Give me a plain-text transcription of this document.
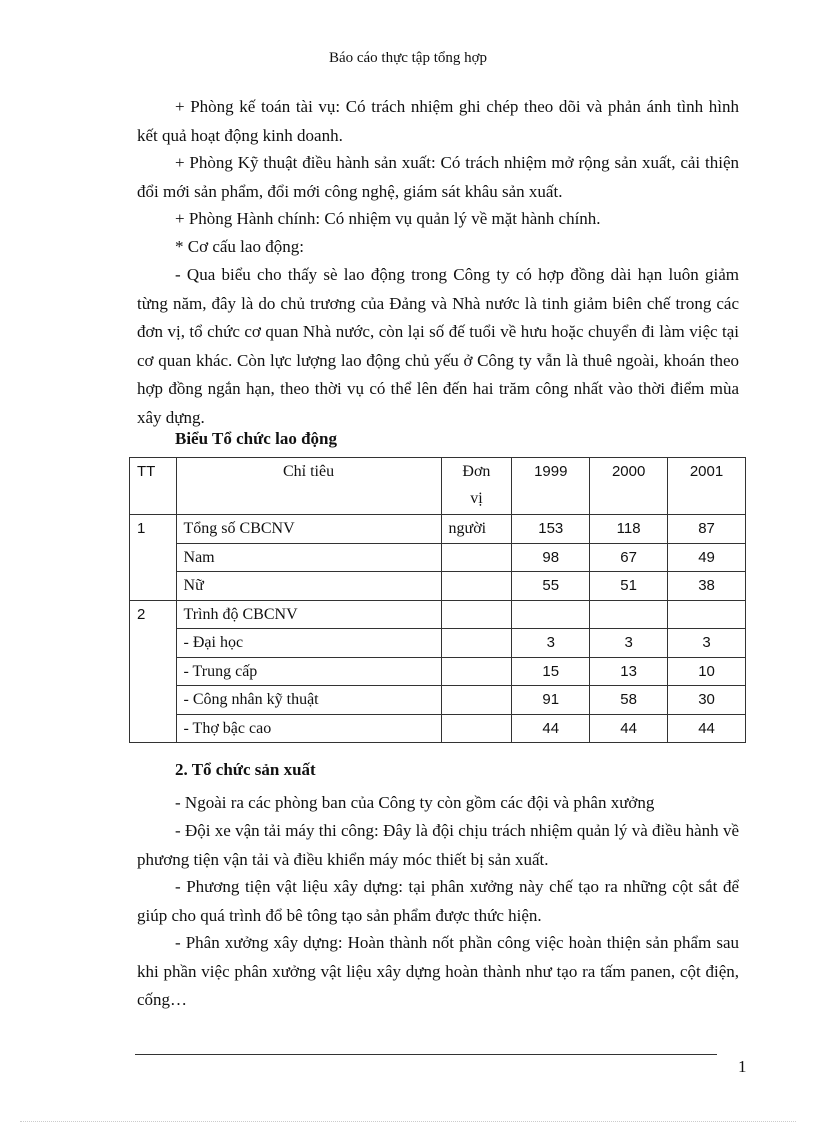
Báo cáo thực tập tổng hợp

+ Phòng kế toán tài vụ: Có trách nhiệm ghi chép theo dõi và phản ánh tình hình kết quả hoạt động kinh doanh.

+ Phòng Kỹ thuật điều hành sản xuất: Có trách nhiệm mở rộng sản xuất, cải thiện đổi mới sản phẩm, đổi mới công nghệ, giám sát khâu sản xuất.

+ Phòng Hành chính: Có nhiệm vụ quản lý về mặt hành chính.

* Cơ cấu lao động:

- Qua biểu cho thấy sè lao động trong Công ty có hợp đồng dài hạn luôn giảm từng năm, đây là do chủ trương của Đảng và Nhà nước là tinh giảm biên chế trong các đơn vị, tổ chức cơ quan Nhà nước, còn lại số đế tuổi về hưu hoặc chuyển đi làm việc tại cơ quan khác. Còn lực lượng lao động chủ yếu ở Công ty vẫn là thuê ngoài, khoán theo hợp đồng ngắn hạn, theo thời vụ có thể lên đến hai trăm công nhất vào thời điểm mùa xây dựng.

Biểu Tổ chức lao động
TT	Chỉ tiêu	Đơn vị	1999	2000	2001
1	Tổng số CBCNV	người	153	118	87
	Nam		98	67	49
	Nữ		55	51	38
2	Trình độ CBCNV				
	- Đại học		3	3	3
	- Trung cấp		15	13	10
	- Công nhân kỹ thuật		91	58	30
	- Thợ bậc cao		44	44	44
2. Tổ chức sản xuất

- Ngoài ra các phòng ban của Công ty còn gồm các đội và phân xưởng

- Đội xe vận tải máy thi công: Đây là đội chịu trách nhiệm quản lý và điều hành về phương tiện vận tải và điều khiển máy móc thiết bị sản xuất.

- Phương tiện vật liệu xây dựng: tại phân xưởng này chế tạo ra những cột sắt để giúp cho quá trình đổ bê tông tạo sản phẩm được thức hiện.

- Phân xưởng xây dựng: Hoàn thành nốt phần công việc hoàn thiện sản phẩm sau khi phần việc phân xưởng vật liệu xây dựng hoàn thành như tạo ra tấm panen, cột điện, cống…

1
